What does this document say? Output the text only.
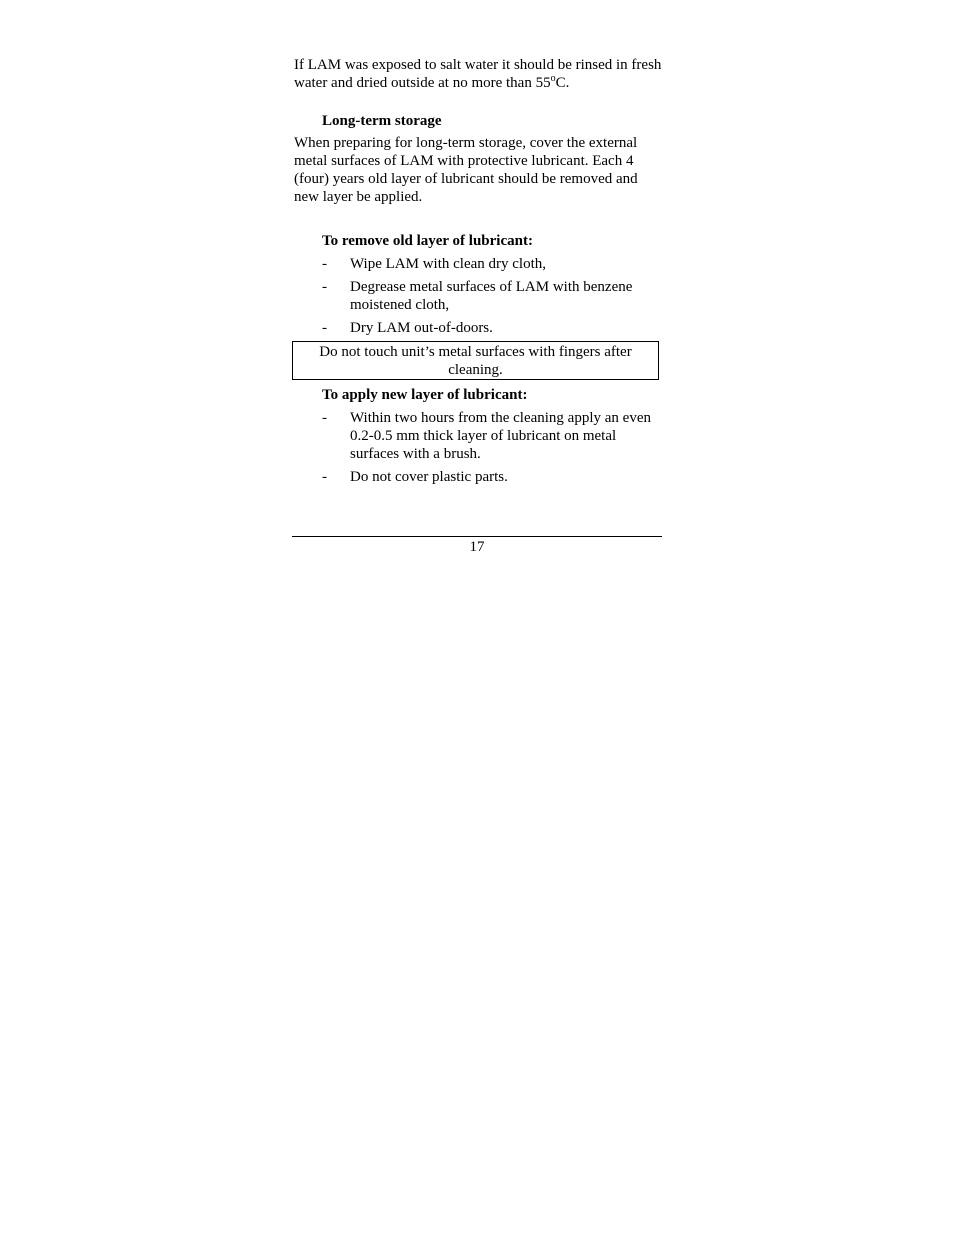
If LAM was exposed to salt water it should be rinsed in fresh water and dried outside at no more than 55$^o$C.

Long-term storage

When preparing for long-term storage, cover the external metal surfaces of LAM with protective lubricant. Each 4 (four) years old layer of lubricant should be removed and new layer be applied.

To remove old layer of lubricant:

- Wipe LAM with clean dry cloth,
- Degrease metal surfaces of LAM with benzene moistened cloth,
- Dry LAM out-of-doors.
Do not touch unit’s metal surfaces with fingers after cleaning.

To apply new layer of lubricant:

- Within two hours from the cleaning apply an even 0.2-0.5 mm thick layer of lubricant on metal surfaces with a brush.
- Do not cover plastic parts.
17
